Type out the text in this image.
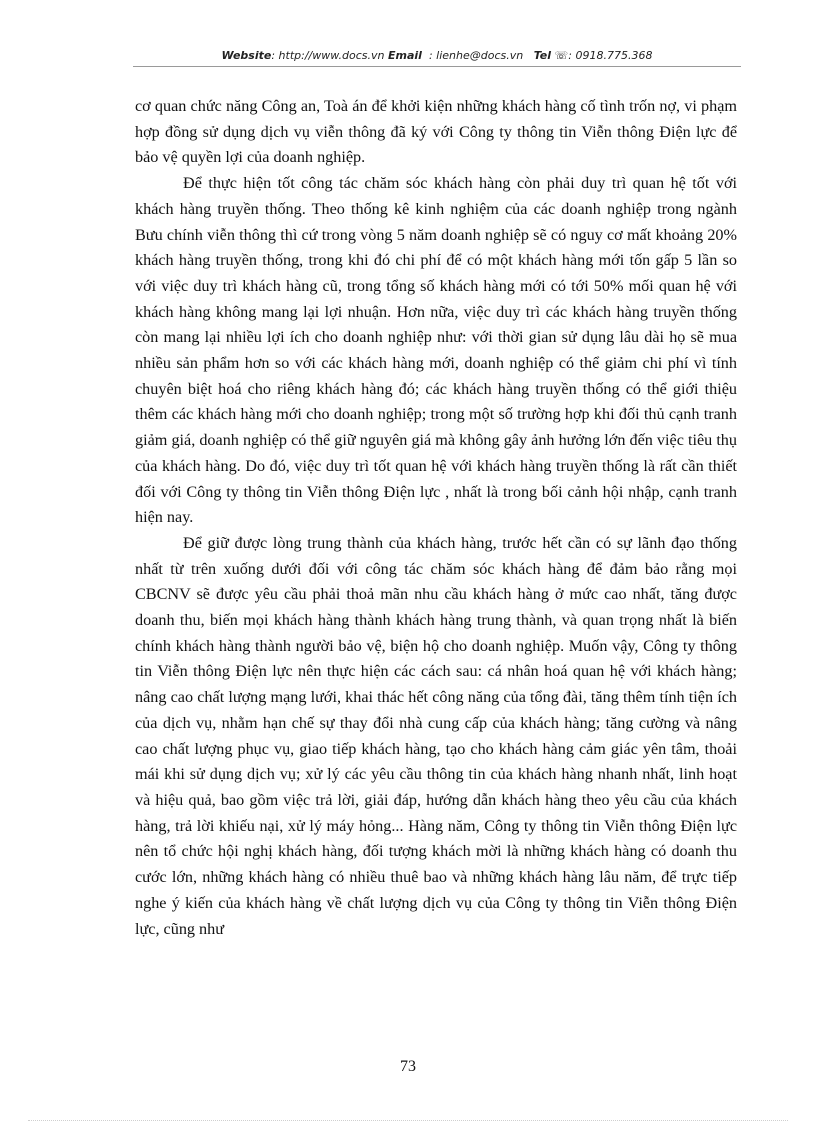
Website: http://www.docs.vn Email : lienhe@docs.vn Tel ☏: 0918.775.368

cơ quan chức năng Công an, Toà án để khởi kiện những khách hàng cố tình trốn nợ, vi phạm hợp đồng sử dụng dịch vụ viễn thông đã ký với Công ty thông tin Viễn thông Điện lực để bảo vệ quyền lợi của doanh nghiệp.

Để thực hiện tốt công tác chăm sóc khách hàng còn phải duy trì quan hệ tốt với khách hàng truyền thống. Theo thống kê kinh nghiệm của các doanh nghiệp trong ngành Bưu chính viễn thông thì cứ trong vòng 5 năm doanh nghiệp sẽ có nguy cơ mất khoảng 20% khách hàng truyền thống, trong khi đó chi phí để có một khách hàng mới tốn gấp 5 lần so với việc duy trì khách hàng cũ, trong tổng số khách hàng mới có tới 50% mối quan hệ với khách hàng không mang lại lợi nhuận. Hơn nữa, việc duy trì các khách hàng truyền thống còn mang lại nhiều lợi ích cho doanh nghiệp như: với thời gian sử dụng lâu dài họ sẽ mua nhiều sản phẩm hơn so với các khách hàng mới, doanh nghiệp có thể giảm chi phí vì tính chuyên biệt hoá cho riêng khách hàng đó; các khách hàng truyền thống có thể giới thiệu thêm các khách hàng mới cho doanh nghiệp; trong một số trường hợp khi đối thủ cạnh tranh giảm giá, doanh nghiệp có thể giữ nguyên giá mà không gây ảnh hưởng lớn đến việc tiêu thụ của khách hàng. Do đó, việc duy trì tốt quan hệ với khách hàng truyền thống là rất cần thiết đối với Công ty thông tin Viễn thông Điện lực , nhất là trong bối cảnh hội nhập, cạnh tranh hiện nay.

Để giữ được lòng trung thành của khách hàng, trước hết cần có sự lãnh đạo thống nhất từ trên xuống dưới đối với công tác chăm sóc khách hàng để đảm bảo rằng mọi CBCNV sẽ được yêu cầu phải thoả mãn nhu cầu khách hàng ở mức cao nhất, tăng được doanh thu, biến mọi khách hàng thành khách hàng trung thành, và quan trọng nhất là biến chính khách hàng thành người bảo vệ, biện hộ cho doanh nghiệp. Muốn vậy, Công ty thông tin Viễn thông Điện lực nên thực hiện các cách sau: cá nhân hoá quan hệ với khách hàng; nâng cao chất lượng mạng lưới, khai thác hết công năng của tổng đài, tăng thêm tính tiện ích của dịch vụ, nhằm hạn chế sự thay đổi nhà cung cấp của khách hàng; tăng cường và nâng cao chất lượng phục vụ, giao tiếp khách hàng, tạo cho khách hàng cảm giác yên tâm, thoải mái khi sử dụng dịch vụ; xử lý các yêu cầu thông tin của khách hàng nhanh nhất, linh hoạt và hiệu quả, bao gồm việc trả lời, giải đáp, hướng dẫn khách hàng theo yêu cầu của khách hàng, trả lời khiếu nại, xử lý máy hỏng... Hàng năm, Công ty thông tin Viễn thông Điện lực nên tổ chức hội nghị khách hàng, đối tượng khách mời là những khách hàng có doanh thu cước lớn, những khách hàng có nhiều thuê bao và những khách hàng lâu năm, để trực tiếp nghe ý kiến của khách hàng về chất lượng dịch vụ của Công ty thông tin Viễn thông Điện lực, cũng như

73
